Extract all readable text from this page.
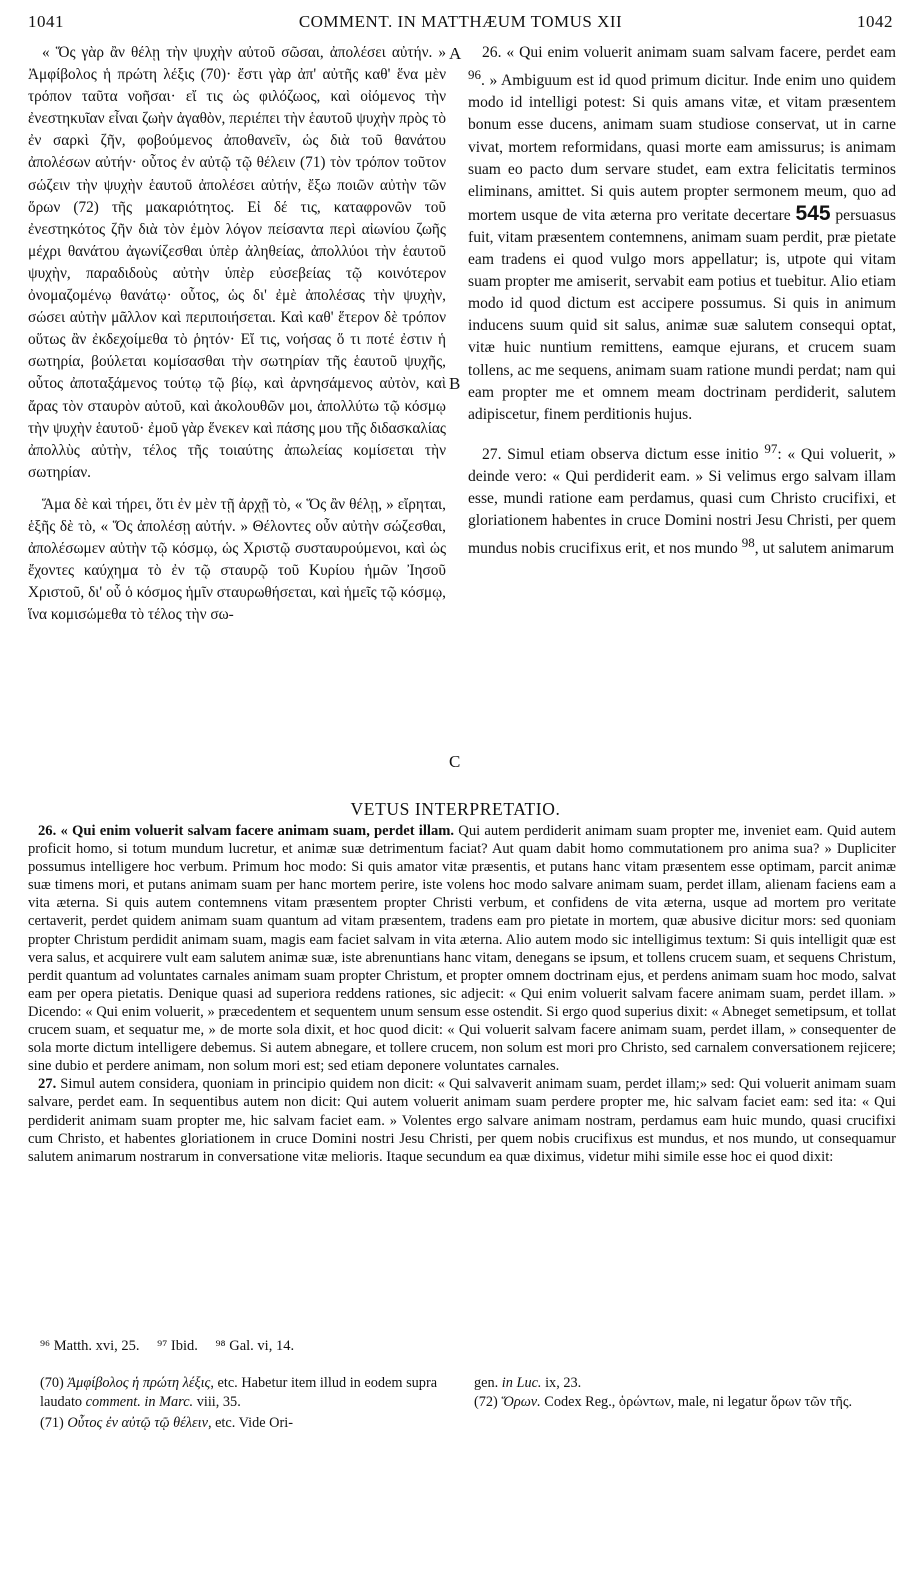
1041	COMMENT. IN MATTHÆUM TOMUS XII	1042

« Ὅς γὰρ ἂν θέλῃ τὴν ψυχὴν αὐτοῦ σῶσαι, ἀπολέσει αὐτήν. » Ἀμφίβολος ἡ πρώτη λέξις (70)· ἔστι γὰρ ἀπ' αὐτῆς καθ' ἕνα μὲν τρόπον ταῦτα νοῆσαι· εἴ τις ὡς φιλόζωος, καὶ οἰόμενος τὴν ἐνεστηκυῖαν εἶναι ζωὴν ἀγαθὸν, περιέπει τὴν ἑαυτοῦ ψυχὴν πρὸς τὸ ἐν σαρκὶ ζῆν, φοβούμενος ἀποθανεῖν, ὡς διὰ τοῦ θανάτου ἀπολέσων αὐτήν· οὗτος ἐν αὐτῷ τῷ θέλειν (71) τὸν τρόπον τοῦτον σώζειν τὴν ψυχὴν ἑαυτοῦ ἀπολέσει αὐτήν, ἔξω ποιῶν αὐτὴν τῶν ὅρων (72) τῆς μακαριότητος. Εἰ δέ τις, καταφρονῶν τοῦ ἐνεστηκότος ζῆν διὰ τὸν ἐμὸν λόγον πείσαντα περὶ αἰωνίου ζωῆς μέχρι θανάτου ἀγωνίζεσθαι ὑπὲρ ἀληθείας, ἀπολλύοι τὴν ἑαυτοῦ ψυχὴν, παραδιδοὺς αὐτὴν ὑπὲρ εὐσεβείας τῷ κοινότερον ὀνομαζομένῳ θανάτῳ· οὗτος, ὡς δι' ἐμὲ ἀπολέσας τὴν ψυχὴν, σώσει αὐτὴν μᾶλλον καὶ περιποιήσεται. Καὶ καθ' ἕτερον δὲ τρόπον οὕτως ἂν ἐκδεχοίμεθα τὸ ῥητόν· Εἴ τις, νοήσας ὅ τι ποτέ ἐστιν ἡ σωτηρία, βούλεται κομίσασθαι τὴν σωτηρίαν τῆς ἑαυτοῦ ψυχῆς, οὗτος ἀποταξάμενος τούτῳ τῷ βίῳ, καὶ ἀρνησάμενος αὐτὸν, καὶ ἄρας τὸν σταυρὸν αὐτοῦ, καὶ ἀκολουθῶν μοι, ἀπολλύτω τῷ κόσμῳ τὴν ψυχὴν ἑαυτοῦ· ἐμοῦ γὰρ ἕνεκεν καὶ πάσης μου τῆς διδασκαλίας ἀπολλὺς αὐτὴν, τέλος τῆς τοιαύτης ἀπωλείας κομίσεται τὴν σωτηρίαν.

Ἅμα δὲ καὶ τήρει, ὅτι ἐν μὲν τῇ ἀρχῇ τὸ, « Ὅς ἂν θέλῃ, » εἴρηται, ἑξῆς δὲ τὸ, « Ὅς ἀπολέσῃ αὐτήν. » Θέλοντες οὖν αὐτὴν σώζεσθαι, ἀπολέσωμεν αὐτὴν τῷ κόσμῳ, ὡς Χριστῷ συσταυρούμενοι, καὶ ὡς ἔχοντες καύχημα τὸ ἐν τῷ σταυρῷ τοῦ Κυρίου ἡμῶν Ἰησοῦ Χριστοῦ, δι' οὗ ὁ κόσμος ἡμῖν σταυρωθήσεται, καὶ ἡμεῖς τῷ κόσμῳ, ἵνα κομισώμεθα τὸ τέλος τὴν σω-

A
B
C

26. « Qui enim voluerit animam suam salvam facere, perdet eam $^{96}$. » Ambiguum est id quod primum dicitur. Inde enim uno quidem modo id intelligi potest: Si quis amans vitæ, et vitam præsentem bonum esse ducens, animam suam studiose conservat, ut in carne vivat, mortem reformidans, quasi morte eam amissurus; is animam suam eo pacto dum servare studet, eam extra felicitatis terminos eliminans, amittet. Si quis autem propter sermonem meum, quo ad mortem usque de vita æterna pro veritate decertare 545 persuasus fuit, vitam præsentem contemnens, animam suam perdit, præ pietate eam tradens ei quod vulgo mors appellatur; is, utpote qui vitam suam propter me amiserit, servabit eam potius et tuebitur. Alio etiam modo id quod dictum est accipere possumus. Si quis in animum inducens suum quid sit salus, animæ suæ salutem consequi optat, vitæ huic nuntium remittens, eamque ejurans, et crucem suam tollens, ac me sequens, animam suam ratione mundi perdat; nam qui eam propter me et omnem meam doctrinam perdiderit, salutem adipiscetur, finem perditionis hujus.

27. Simul etiam observa dictum esse initio $^{97}$: « Qui voluerit, » deinde vero: « Qui perdiderit eam. » Si velimus ergo salvam illam esse, mundi ratione eam perdamus, quasi cum Christo crucifixi, et gloriationem habentes in cruce Domini nostri Jesu Christi, per quem mundus nobis crucifixus erit, et nos mundo $^{98}$, ut salutem animarum

VETUS INTERPRETATIO.

26. « Qui enim voluerit salvam facere animam suam, perdet illam. Qui autem perdiderit animam suam propter me, inveniet eam. Quid autem proficit homo, si totum mundum lucretur, et animæ suæ detrimentum faciat? Aut quam dabit homo commutationem pro anima sua? » Dupliciter possumus intelligere hoc verbum. Primum hoc modo: Si quis amator vitæ præsentis, et putans hanc vitam præsentem esse optimam, parcit animæ suæ timens mori, et putans animam suam per hanc mortem perire, iste volens hoc modo salvare animam suam, perdet illam, alienam faciens eam a vita æterna. Si quis autem contemnens vitam præsentem propter Christi verbum, et confidens de vita æterna, usque ad mortem pro veritate certaverit, perdet quidem animam suam quantum ad vitam præsentem, tradens eam pro pietate in mortem, quæ abusive dicitur mors: sed quoniam propter Christum perdidit animam suam, magis eam faciet salvam in vita æterna. Alio autem modo sic intelligimus textum: Si quis intelligit quæ est vera salus, et acquirere vult eam salutem animæ suæ, iste abrenuntians hanc vitam, denegans se ipsum, et tollens crucem suam, et sequens Christum, perdit quantum ad voluntates carnales animam suam propter Christum, et propter omnem doctrinam ejus, et perdens animam suam hoc modo, salvat eam per opera pietatis. Denique quasi ad superiora reddens rationes, sic adjecit: « Qui enim voluerit salvam facere animam suam, perdet illam. » Dicendo: « Qui enim voluerit, » præcedentem et sequentem unum sensum esse ostendit. Si ergo quod superius dixit: « Abneget semetipsum, et tollat crucem suam, et sequatur me, » de morte sola dixit, et hoc quod dicit: « Qui voluerit salvam facere animam suam, perdet illam, » consequenter de sola morte dictum intelligere debemus. Si autem abnegare, et tollere crucem, non solum est mori pro Christo, sed carnalem conversationem rejicere; sine dubio et perdere animam, non solum mori est; sed etiam deponere voluntates carnales.

27. Simul autem considera, quoniam in principio quidem non dicit: « Qui salvaverit animam suam, perdet illam;» sed: Qui voluerit animam suam salvare, perdet eam. In sequentibus autem non dicit: Qui autem voluerit animam suam perdere propter me, hic salvam faciet eam: sed ita: « Qui perdiderit animam suam propter me, hic salvam faciet eam. » Volentes ergo salvare animam nostram, perdamus eam huic mundo, quasi crucifixi cum Christo, et habentes gloriationem in cruce Domini nostri Jesu Christi, per quem nobis crucifixus est mundus, et nos mundo, ut consequamur salutem animarum nostrarum in conversatione vitæ melioris. Itaque secundum ea quæ diximus, videtur mihi simile esse hoc ei quod dixit:

⁹⁶ Matth. xvi, 25. ⁹⁷ Ibid. ⁹⁸ Gal. vi, 14.

(70) Ἀμφίβολος ἡ πρώτη λέξις, etc. Habetur item illud in eodem supra laudato comment. in Marc. viii, 35.

(71) Οὗτος ἐν αὐτῷ τῷ θέλειν, etc. Vide Ori-

gen. in Luc. ix, 23.

(72) Ὅρων. Codex Reg., ὁρώντων, male, ni legatur ὅρων τῶν τῆς.
